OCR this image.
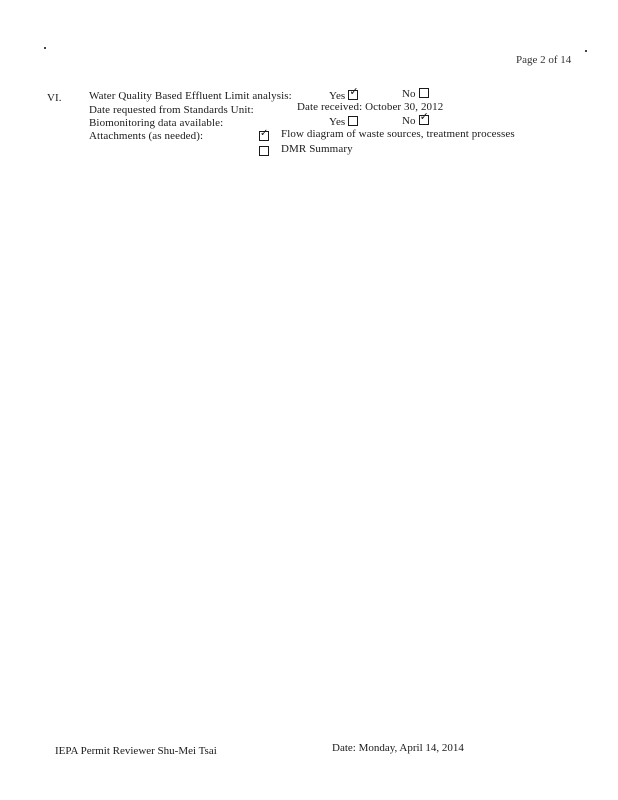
Page 2 of 14
VI. Water Quality Based Effluent Limit analysis:	Yes ✓	No
Date requested from Standards Unit:	Date received: October 30, 2012
Biomonitoring data available:	Yes	No ✓
Attachments (as needed):	✓ Flow diagram of waste sources, treatment processes
DMR Summary
IEPA Permit Reviewer Shu-Mei Tsai	Date: Monday, April 14, 2014
